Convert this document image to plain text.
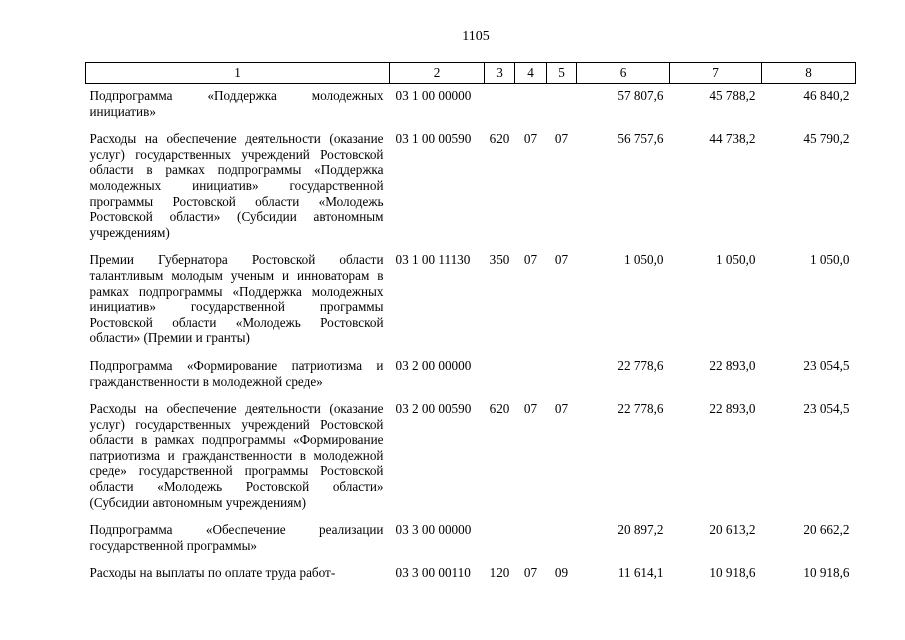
1105
1	2	3	4	5	6	7	8
Подпрограмма «Поддержка молодежных инициатив»	03 1 00 00000				57 807,6	45 788,2	46 840,2
Расходы на обеспечение деятельности (оказание услуг) государственных учреждений Ростовской области в рамках подпрограммы «Поддержка молодежных инициатив» государственной программы Ростовской области «Молодежь Ростовской области» (Субсидии автономным учреждениям)	03 1 00 00590	620	07	07	56 757,6	44 738,2	45 790,2
Премии Губернатора Ростовской области талантливым молодым ученым и инноваторам в рамках подпрограммы «Поддержка молодежных инициатив» государственной программы Ростовской области «Молодежь Ростовской области» (Премии и гранты)	03 1 00 11130	350	07	07	1 050,0	1 050,0	1 050,0
Подпрограмма «Формирование патриотизма и гражданственности в молодежной среде»	03 2 00 00000				22 778,6	22 893,0	23 054,5
Расходы на обеспечение деятельности (оказание услуг) государственных учреждений Ростовской области в рамках подпрограммы «Формирование патриотизма и гражданственности в молодежной среде» государственной программы Ростовской области «Молодежь Ростовской области» (Субсидии автономным учреждениям)	03 2 00 00590	620	07	07	22 778,6	22 893,0	23 054,5
Подпрограмма «Обеспечение реализации государственной программы»	03 3 00 00000				20 897,2	20 613,2	20 662,2
Расходы на выплаты по оплате труда работ-	03 3 00 00110	120	07	09	11 614,1	10 918,6	10 918,6
